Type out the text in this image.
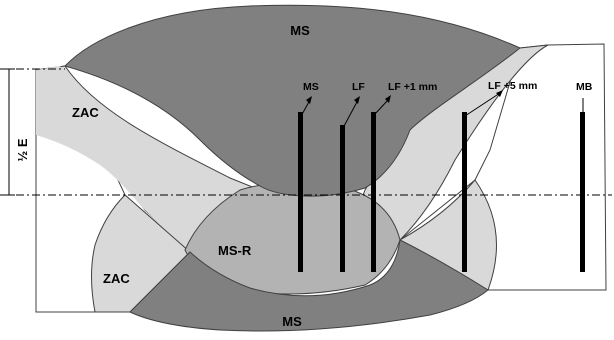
½ E
MS
ZAC
MS-R
ZAC
MS
MS	LF LF +1 mm	LF +5 mm	MB
